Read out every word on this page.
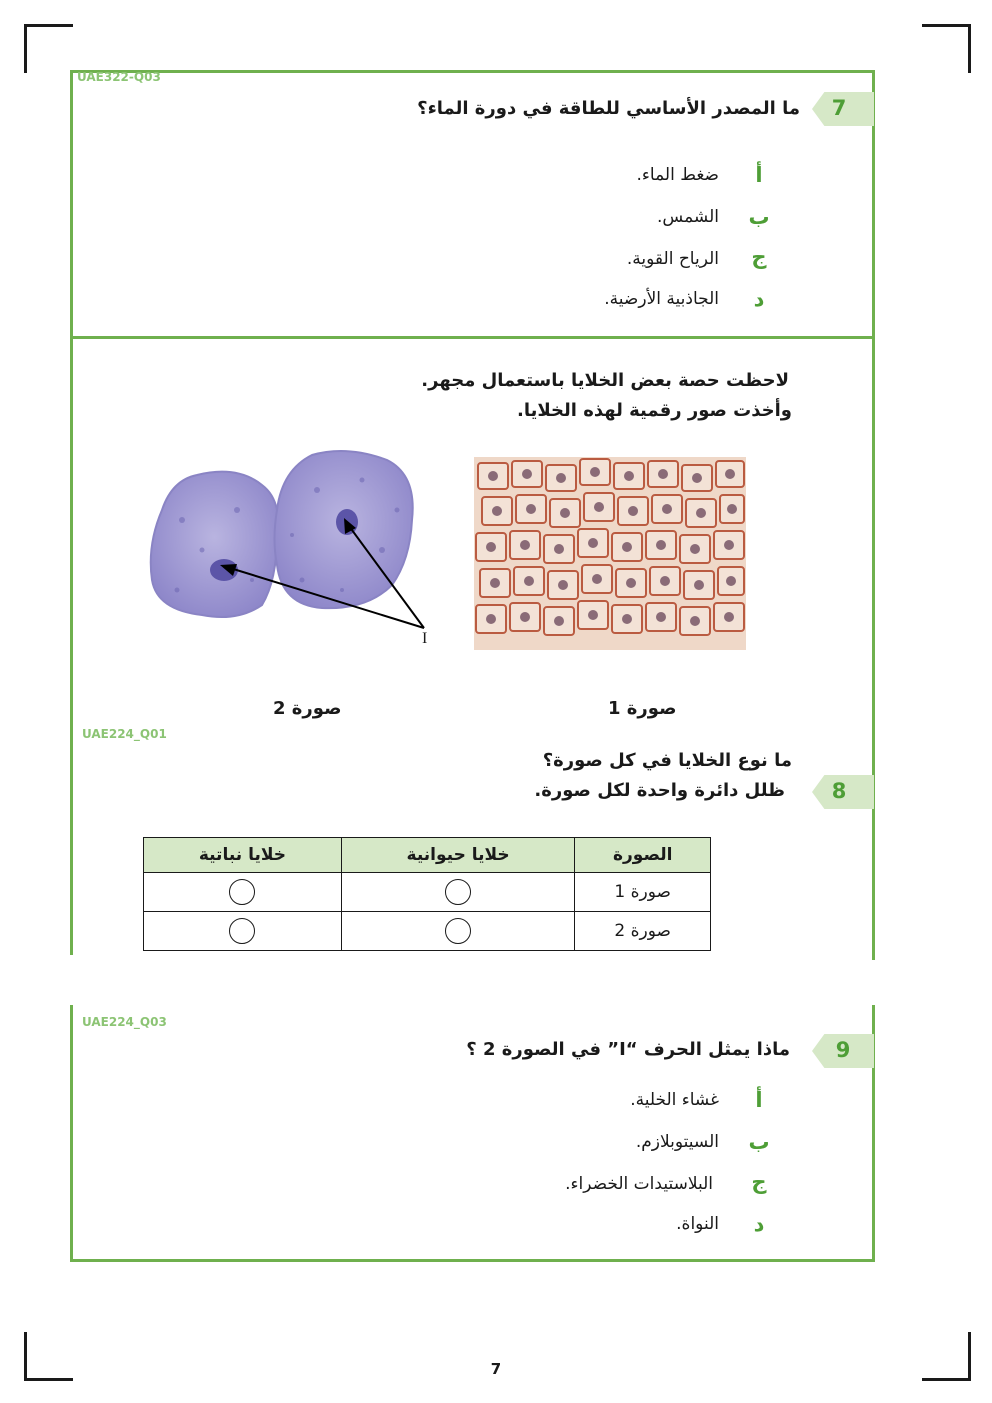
UAE322-Q03
7
ما المصدر الأساسي للطاقة في دورة الماء؟
أ
ضغط الماء.
ب
الشمس.
ج
الرياح القوية.
د
الجاذبية الأرضية.
لاحظت حصة بعض الخلايا باستعمال مجهر.
وأخذت صور رقمية لهذه الخلايا.
I
صورة 1
صورة 2
UAE224_Q01
ما نوع الخلايا في كل صورة؟
8
ظلل دائرة واحدة لكل صورة.
الصورة	خلايا حيوانية	خلايا نباتية
صورة 1		
صورة 2		
UAE224_Q03
9
ماذا يمثل الحرف “I” في الصورة 2 ؟
أ
غشاء الخلية.
ب
السيتوبلازم.
ج
البلاستيدات الخضراء.
د
النواة.
7
